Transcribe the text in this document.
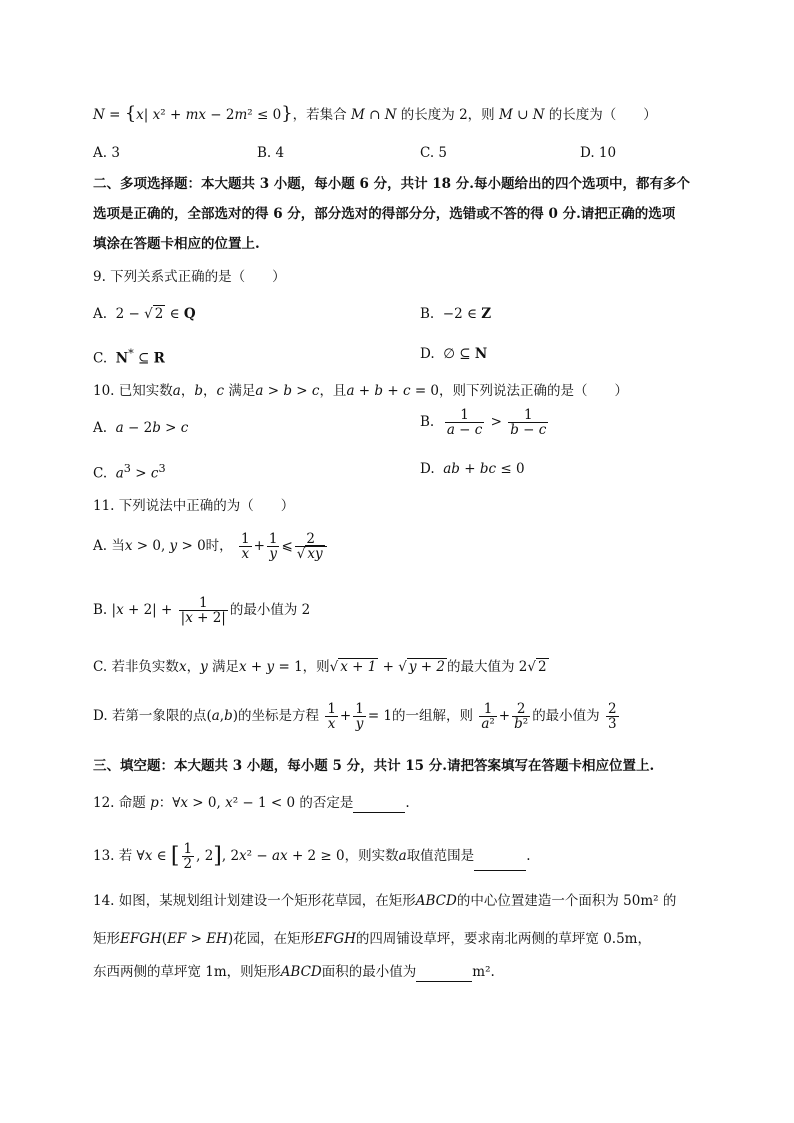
N = {x| x² + mx − 2m² ≤ 0}，若集合 M ∩ N 的长度为 2，则 M ∪ N 的长度为（　　）
A. 3	B. 4	C. 5	D. 10
二、多项选择题：本大题共 3 小题，每小题 6 分，共计 18 分.每小题给出的四个选项中，都有多个
选项是正确的，全部选对的得 6 分，部分选对的得部分分，选错或不答的得 0 分.请把正确的选项
填涂在答题卡相应的位置上.
9. 下列关系式正确的是（　　）
A.  2 − √ 2 ∈ Q	B.  −2 ∈ Z
C. N* ⊆ R	D.  ∅ ⊆ N
10. 已知实数a，b，c 满足a > b > c，且a + b + c = 0，则下列说法正确的是（　　）
A. a − 2b > c	B. $\frac{1}{a - c} > \frac{1}{b - c}$
C. $a^3 > c^3$	D. ab + bc ≤ 0
11. 下列说法中正确的为（　　）
A. 当x > 0, y > 0时， $\frac{1}{x} + \frac{1}{y}$ ⩽ $\frac{2}{√ xy}$
B. $|x + 2| + \frac{1}{|x + 2|}$ 的最小值为 2
C. 若非负实数x，y 满足x + y = 1，则√ x + 1 + √ y + 2 的最大值为 2√ 2
D. 若第一象限的点(a,b)的坐标是方程 $\frac{1}{x} + \frac{1}{y} = 1$的一组解，则 $\frac{1}{\text{a²}} + \frac{2}{\text{b²}}$ 的最小值为 $\frac{2}{3}$
三、填空题：本大题共 3 小题，每小题 5 分，共计 15 分.请把答案填写在答题卡相应位置上.
12. 命题 p：∀x > 0, x² − 1 < 0 的否定是	.
13. 若 ∀x ∈ [ $\frac{1}{2}$ , 2], 2x² − ax + 2 ≥ 0，则实数a取值范围是	.
14. 如图，某规划组计划建设一个矩形花草园，在矩形ABCD的中心位置建造一个面积为 50m² 的
矩形EFGH(EF > EH)花园，在矩形EFGH的四周铺设草坪，要求南北两侧的草坪宽 0.5m，
东西两侧的草坪宽 1m，则矩形ABCD面积的最小值为	m².
